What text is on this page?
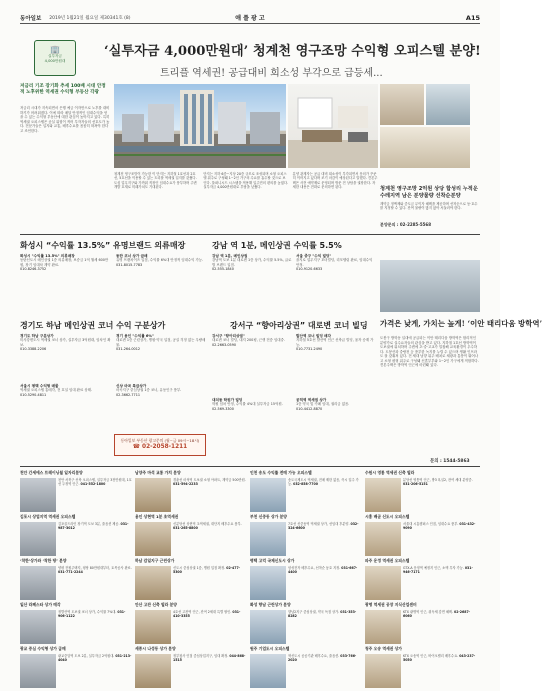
동아일보 2019년 1월21일 월요일 제30341호 (8)	애 플 광 고	A15
🏢
실투자금
4,000만원대
‘실투자금 4,000만원대’ 청계천 영구조망 수익형 오피스텔 분양!
트리플 역세권! 공급대비 희소성 부각으로 급등세...
저금리 기조 장기화 추세 100배 시대 안정적 노후위한 역세권 수익형 부동산 각광
저금리 시대가 지속되면서 은행 예금 이자만으로 노후를 대비하기가 어려워졌다. 이에 따라 매달 안정적인 임대수익을 얻을 수 있는 수익형 부동산에 대한 관심이 높아지고 있다. 특히 역세권 오피스텔은 공실 위험이 적어 투자자들의 선호도가 높다. 전문가들은 입지와 교통, 배후수요를 꼼꼼히 따져야 한다고 조언한다.
청계천 영구조망이 가능한 이 단지는 지하철 1호선과 2호선, 5호선을 이용할 수 있는 트리플 역세권 입지를 갖췄다. 도심 업무지구와 가까워 직장인 임대수요가 풍부하며 주변 개발 호재로 미래가치도 기대된다.
단지는 지하 6층~지상 20층 규모로 조성되며 소형 오피스텔 위주로 구성돼 1~2인 가구의 수요를 흡수할 것으로 보인다. 풀퍼니시드 시스템을 적용해 입주민의 편의를 높였다. 실투자금 4,000만원대로 부담을 낮췄다.
분양 관계자는 공급 대비 희소성이 부각되면서 문의가 꾸준히 이어지고 있다며 조기 마감이 예상된다고 말했다. 견본주택은 사전 예약제로 운영되며 방문 전 상담을 권장한다. 자세한 내용은 전화로 문의하면 된다.	청계천 영구조망 2억원 상당 합성리 누적운 수레지역 남은 분양물량 선착순분양
계약금 정액제와 중도금 무이자 혜택을 제공하며 선착순으로 동·호수를 지정할 수 있다. 잔여 물량이 많지 않아 서둘러야 한다.
분양문의 : 02-2285-5568
화성시 “수익률 13.5%” 유명브랜드 의류매장	강남 역 1분, 메인상권 수익률 5.5%
경기도 하남 메인상권 코너 수익 구분상가	강서구 “향아리상권” 대로변 코너 빌딩
화성시 "수익률 13.5%" 의류매장
동탄신도시 메인상권 1층 의류매장, 보증금 1억 월세 600만원, 장기 임대차 계약 완료.
010-8246-3752
동탄 코너 상가 급매
유명 프랜차이즈 입점, 수익률 6%대 안정적 임대수익 가능.
031-8015-7783
강남 역 1분, 메인상권
강남역 도보 1분 대로변 1층 상가, 수익률 5.5%, 글로벌 브랜드 입점.
02-555-1840
서울 중구 "수익 빌딩"
을지로 업무지구 꼬마빌딩, 리모델링 완료, 임대수익 안정.
010-9120-6633
경기도 하남 구분상가
미사강변도시 역세권 코너 상가, 실투자금 3억원대, 임차인 확보.
010-3388-2206
경기 용인 "수익률 6%"
대로변 1층 근린상가, 병원·약국 입점, 공실 걱정 없는 우량매물.
031-264-0012
서울시 평택 수익형 매물
역세권 오피스텔 통매각, 전 호실 임대 완료 상태.
010-5290-4811
신상 마곡 특급상가
마곡지구 중심상권 1층 코너, 유동인구 풍부.
02-3662-7711
강서구 "향아리상권"
대로변 코너 빌딩, 대지 200평, 근생 전층 임대중.
02-2663-0590
발산역 코너 빌딩 매각
지하철 5호선 발산역 인근 신축급 빌딩, 융자 승계 가능.
010-7731-2490
대치동 학원가 빌딩
학원 임차 안정, 수익률 4%대 실투자금 15억원.
02-569-3300
공덕역 역세권 상가
1층 약국 및 카페 임대, 권리금 없음.
010-4412-8870
동아일보 부동산 광고문의 (월~금 09시~18시)
☎ 02-2058-1211
가격은 낮게, 가치는 높게! ‘이안 태리다움 방학역’
도봉구 방학동 일대에 공급되는 이안 태리다움 방학역은 합리적인 분양가로 실수요자들의 관심을 받고 있다. 지하철 1호선 방학역이 도보권에 위치하며 주변에 초·중·고교가 밀집해 교육환경이 우수하다. 도봉산과 중랑천 등 풍부한 녹지를 누릴 수 있으며 생활 인프라도 잘 갖춰져 있다. 전 세대 남향 위주 배치로 채광과 통풍이 뛰어나고 소형 평형 위주로 구성돼 신혼부부와 1~2인 가구에게 적합하다. 견본주택은 방학역 인근에 마련돼 있다.
문의 : 1544-5863
천안 간세에스 트레이닝월 일자리분양
천안 서북구 신축 오피스텔, 실투자금 3천만원대, 1호선 두정역 인근. 041-552-1800
남양주 마석 교통 가치 분양
경춘선 마석역 도보권 소형 아파트, 계약금 500만원. 031-594-2233
인천 송도 수익률 전매 가능 오피스텔
송도국제도시 역세권, 전매 제한 없음, 즉시 입주 가능. 032-858-7700
수원시 영통 역세권 신축 빌라
분당선 영통역 인근, 방3 욕실2, 잔여 세대 분양중. 031-206-5151
김포시 상업지역 역세권 오피스텔
김포골드라인 장기역 도보 3분, 풀옵션 제공. 031-987-3012
용인 상현역 1분 초역세권
신분당선 상현역 초역세권, 대단지 배후수요 풍부. 031-265-8800
부천 신중동 상가 분양
7호선 신중동역 역세권 상가, 선임대 후분양. 032-324-6600
시흥 배곧 신도시 오피스텔
서울대 시흥캠퍼스 인접, 임대수요 풍부. 031-432-9090
‘착한’상가와 ‘착한 땅’ 분양
양평 전원주택지, 평당 80만원대부터, 토목공사 완료. 031-771-2244
하남 감일지구 근린상가
신도시 중심상권 1층, 병원 입점 확정. 02-477-5300
평택 고덕 국제신도시 상가
삼성전자 배후수요, 선착순 동호 지정. 031-667-4400
파주 운정 역세권 오피스텔
GTX-A 운정역 예정지 인근, 소액 투자 가능. 031-946-7171
일산 라페스타 상가 매각
정발산역 도보권 코너 상가, 수익률 7%대. 031-906-1122
안산 고잔 신축 빌라 분양
4호선 고잔역 인근, 잔여 2세대 특별 할인. 031-410-3355
화성 향남 근린상가 분양
향남2지구 중심상권, 약국 독점 상가. 031-353-8282
광명 역세권 공장 지식산업센터
KTX 광명역 인근, 취득세 감면 혜택. 02-2687-6060
광교 중심 수익형 상가 급매
광교중앙역 도보 2분, 실투자금 2억원대. 031-213-4040
세종시 나성동 상가 분양
정부청사 인접 중심상업지구, 임대 확정. 044-868-1515
원주 기업도시 오피스텔
혁신도시 공공기관 배후수요, 풀옵션. 033-766-2020
청주 오송 역세권 상가
KTX 오송역 인근, 바이오밸리 배후수요. 043-237-5050
